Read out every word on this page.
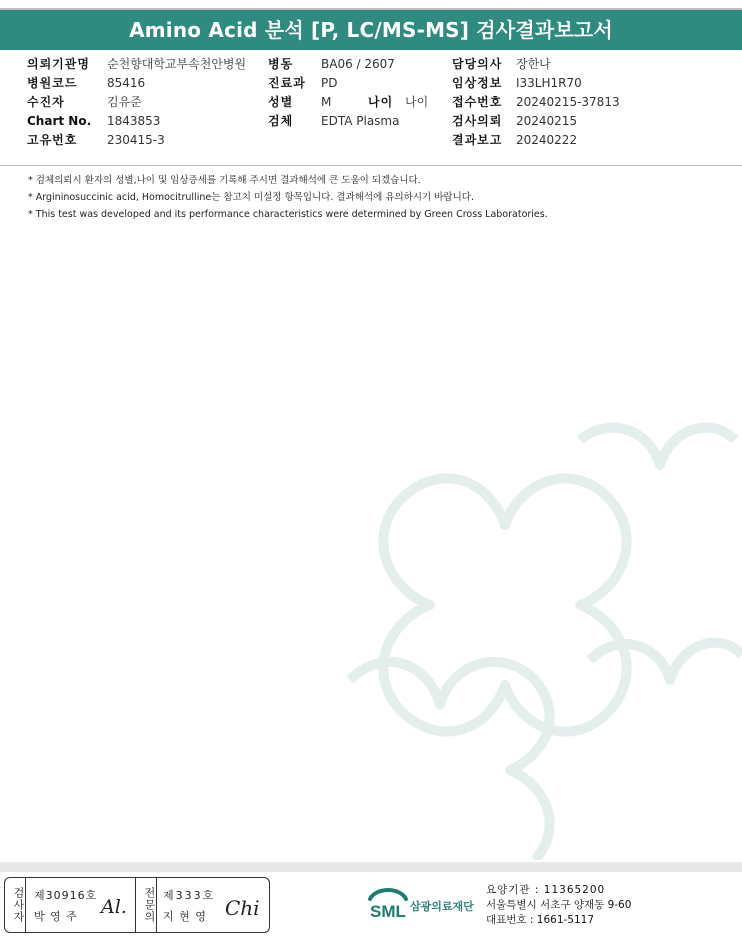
Amino Acid 분석 [P, LC/MS-MS] 검사결과보고서
의뢰기관명 순천향대학교부속천안병원
병원코드 85416
수진자	김유준
Chart No. 1843853
고유번호 230415-3
병동 BA06 / 2607
진료과 PD
성별 M	나이 나이
검체 EDTA Plasma
담당의사 장한나
임상정보 I33LH1R70
접수번호 20240215-37813
검사의뢰 20240215
결과보고 20240222
* 검체의뢰시 환자의 성별,나이 및 임상증세를 기록해 주시면 결과해석에 큰 도움이 되겠습니다.
* Argininosuccinic acid, Homocitrulline는 참고치 미설정 항목입니다. 결과해석에 유의하시기 바랍니다.
* This test was developed and its performance characteristics were determined by Green Cross Laboratories.
검사자 제30916호
박 영 주 Al.	전문의 제333호
지 현 영 Chi	SML 삼광의료재단
요양기관 : 11365200
서울특별시 서초구 양재동 9-60
대표번호 : 1661-5117
